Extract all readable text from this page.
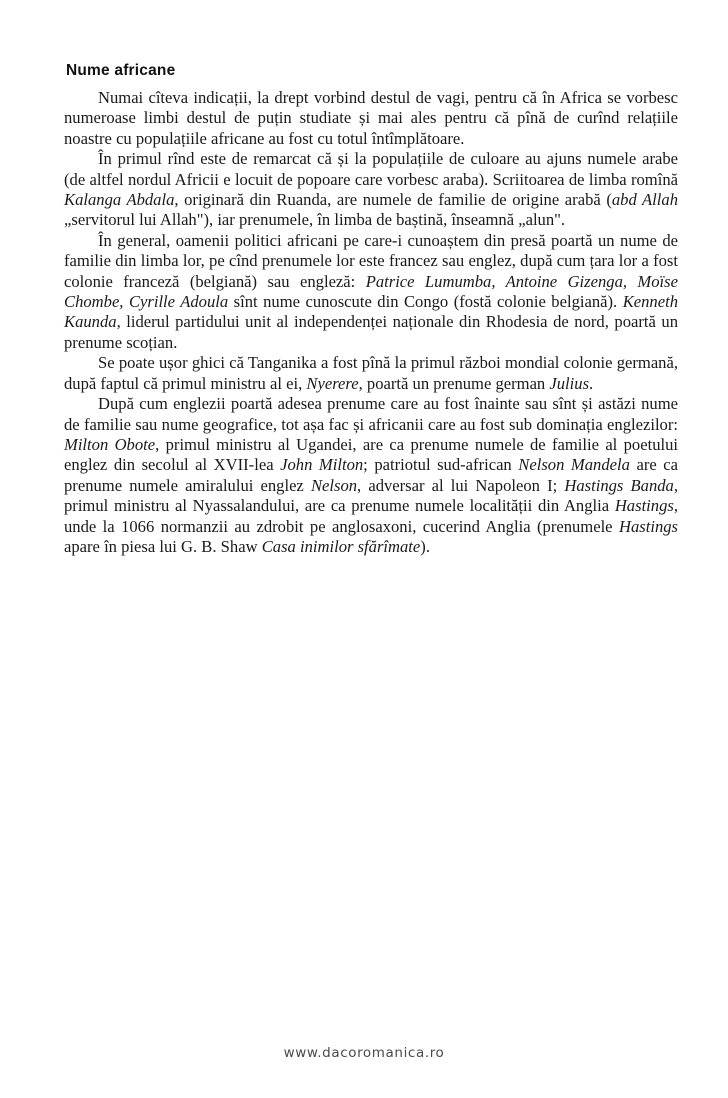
Nume africane

Numai cîteva indicații, la drept vorbind destul de vagi, pentru că în Africa se vorbesc numeroase limbi destul de puțin studiate și mai ales pentru că pînă de curînd relațiile noastre cu populațiile africane au fost cu totul întîmplătoare.

În primul rînd este de remarcat că și la populațiile de culoare au ajuns numele arabe (de altfel nordul Africii e locuit de popoare care vorbesc araba). Scriitoarea de limba romînă Kalanga Abdala, originară din Ruanda, are numele de familie de origine arabă (abd Allah „servitorul lui Allah"), iar prenumele, în limba de baștină, înseamnă „alun".

În general, oamenii politici africani pe care-i cunoaștem din presă poartă un nume de familie din limba lor, pe cînd prenumele lor este francez sau englez, după cum țara lor a fost colonie franceză (belgiană) sau engleză: Patrice Lumumba, Antoine Gizenga, Moïse Chombe, Cyrille Adoula sînt nume cunoscute din Congo (fostă colonie belgiană). Kenneth Kaunda, liderul partidului unit al independenței naționale din Rhodesia de nord, poartă un prenume scoțian.

Se poate ușor ghici că Tanganika a fost pînă la primul război mondial colonie germană, după faptul că primul ministru al ei, Nyerere, poartă un prenume german Julius.

După cum englezii poartă adesea prenume care au fost înainte sau sînt și astăzi nume de familie sau nume geografice, tot așa fac și africanii care au fost sub dominația englezilor: Milton Obote, primul ministru al Ugandei, are ca prenume numele de familie al poetului englez din secolul al XVII-lea John Milton; patriotul sud-african Nelson Mandela are ca prenume numele amiralului englez Nelson, adversar al lui Napoleon I; Hastings Banda, primul ministru al Nyassalandului, are ca prenume numele localității din Anglia Hastings, unde la 1066 normanzii au zdrobit pe anglosaxoni, cucerind Anglia (prenumele Hastings apare în piesa lui G. B. Shaw Casa inimilor sfărîmate).

www.dacoromanica.ro
